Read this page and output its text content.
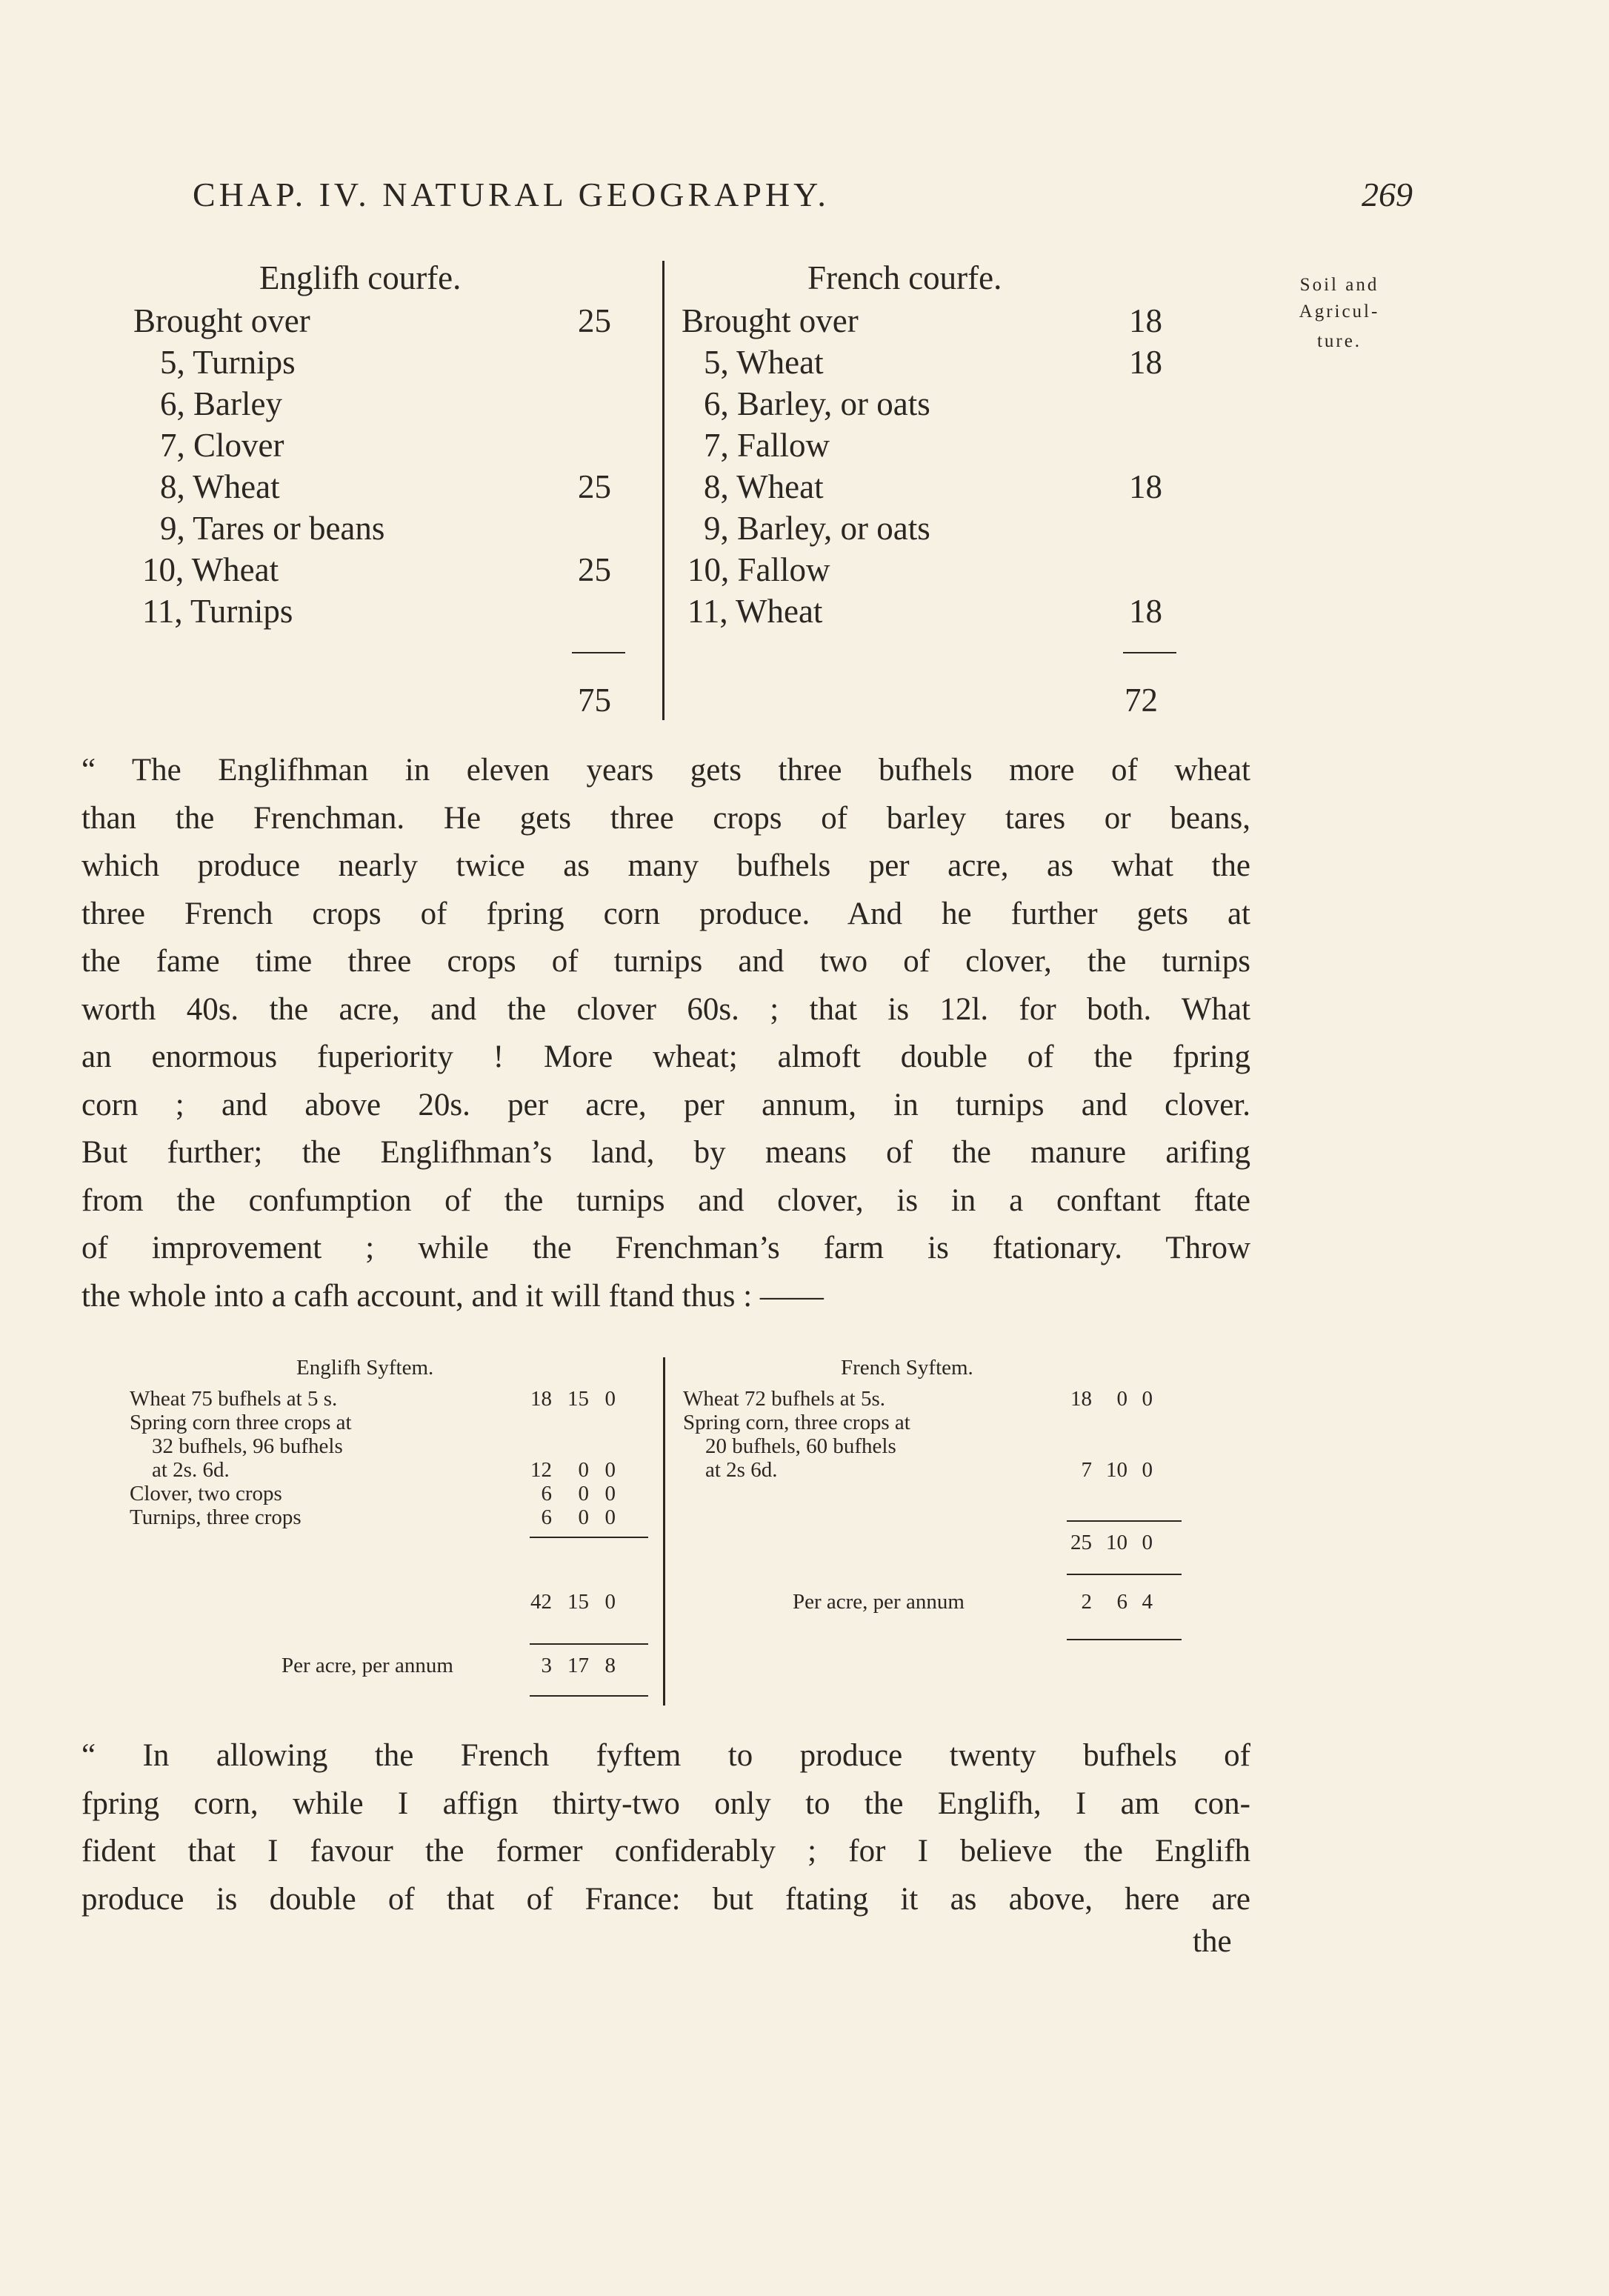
CHAP. IV. NATURAL GEOGRAPHY.	269
Soil and
Agricul-
ture.
Englifh courfe.	French courfe.
Brought over	25
5, Turnips
6, Barley
7, Clover
8, Wheat	25
9, Tares or beans
10, Wheat	25
11, Turnips
75
Brought over	18
5, Wheat	18
6, Barley, or oats
7, Fallow
8, Wheat	18
9, Barley, or oats
10, Fallow
11, Wheat	18
72
“ The Englifhman in eleven years gets three bufhels more of wheat
than the Frenchman. He gets three crops of barley tares or beans,
which produce nearly twice as many bufhels per acre, as what the
three French crops of fpring corn produce. And he further gets at
the fame time three crops of turnips and two of clover, the turnips
worth 40s. the acre, and the clover 60s. ; that is 12l. for both. What
an enormous fuperiority ! More wheat; almoft double of the fpring
corn ; and above 20s. per acre, per annum, in turnips and clover.
But further; the Englifhman’s land, by means of the manure arifing
from the confumption of the turnips and clover, is in a conftant ftate
of improvement ; while the Frenchman’s farm is ftationary. Throw
the whole into a cafh account, and it will ftand thus : ——
Englifh Syftem.	French Syftem.
Wheat 75 bufhels at 5 s.	18 15 0
Spring corn three crops at
32 bufhels, 96 bufhels
at 2s. 6d.	12	0 0
Clover, two crops	6	0 0
Turnips, three crops	6	0 0
42 15 0
Per acre, per annum	3 17 8
Wheat 72 bufhels at 5s.	18	0 0
Spring corn, three crops at
20 bufhels, 60 bufhels
at 2s 6d.	7 10 0
25 10 0
Per acre, per annum	2	6 4
“ In allowing the French fyftem to produce twenty bufhels of
fpring corn, while I affign thirty-two only to the Englifh, I am con-
fident that I favour the former confiderably ; for I believe the Englifh
produce is double of that of France: but ftating it as above, here are
the
